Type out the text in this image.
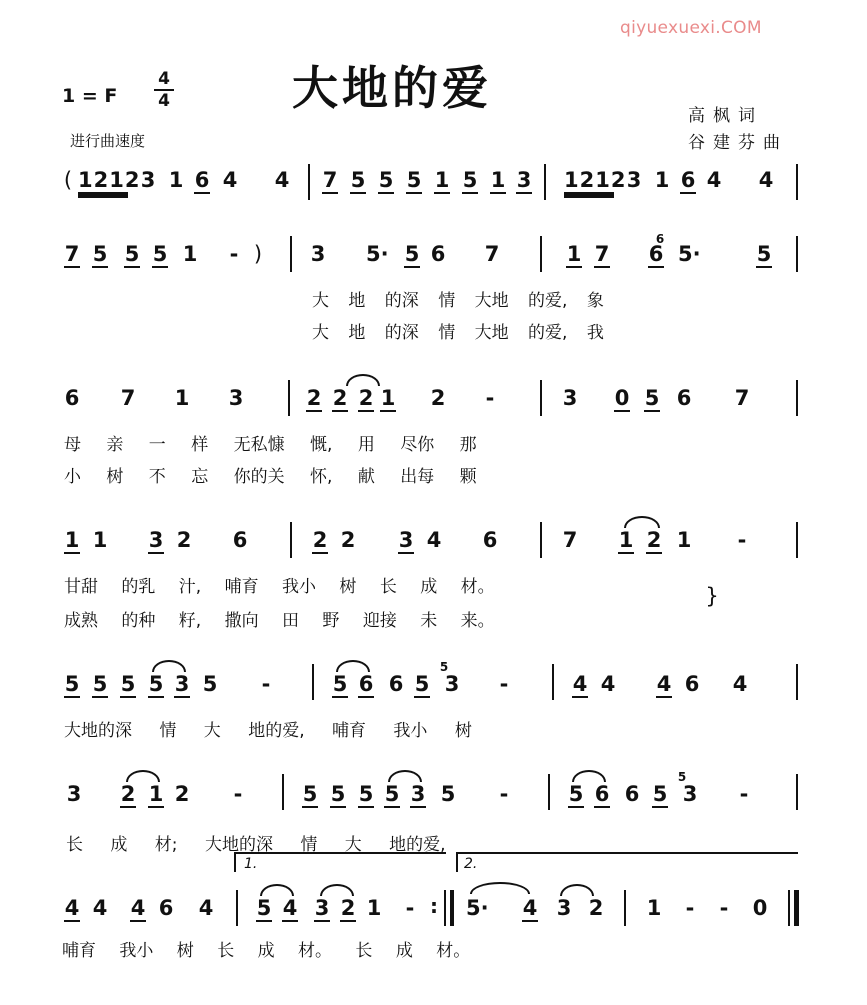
qiyuexuexi.COM
大地的爱
1 = F
4
4
进行曲速度
高枫词
谷建芬曲
( 1212 3 1 6 4 4 7 5 5 5 1 5 1 3 1212 3 1 6 4 4
7 5 5 5 1 - ) 3 5· 5 6 7	1 7
6
6 5·	5
大 地 的深 情 大地 的爱, 象
大 地 的深 情 大地 的爱, 我
6 7 1 3	2 2 2 1 2 -	3 0 5 6 7
母 亲 一 样 无私慷 慨, 用 尽你 那
小 树 不 忘 你的关 怀, 献 出每 颗
1 1 3 2 6	2 2 3 4 6	7 1 2 1 -
甘甜 的乳 汁, 哺育 我小 树 长 成 材。
成熟 的种 籽, 撒向 田 野 迎接 未 来。
}
5 5 5 5 3 5 -	5 6 6
5
5 3 -	4 4 4 6 4
大地的深 情 大 地的爱, 哺育 我小 树
3 2 1 2 -	5 5 5 5 3 5 -	5 6 6
5
5 3 -
长 成 材; 大地的深 情 大 地的爱,
1.	2.
4 4 4 6 4 5 4 3 2 1 - : 5· 4 3 2 1 - - 0
哺育 我小 树 长 成 材。 长 成 材。
